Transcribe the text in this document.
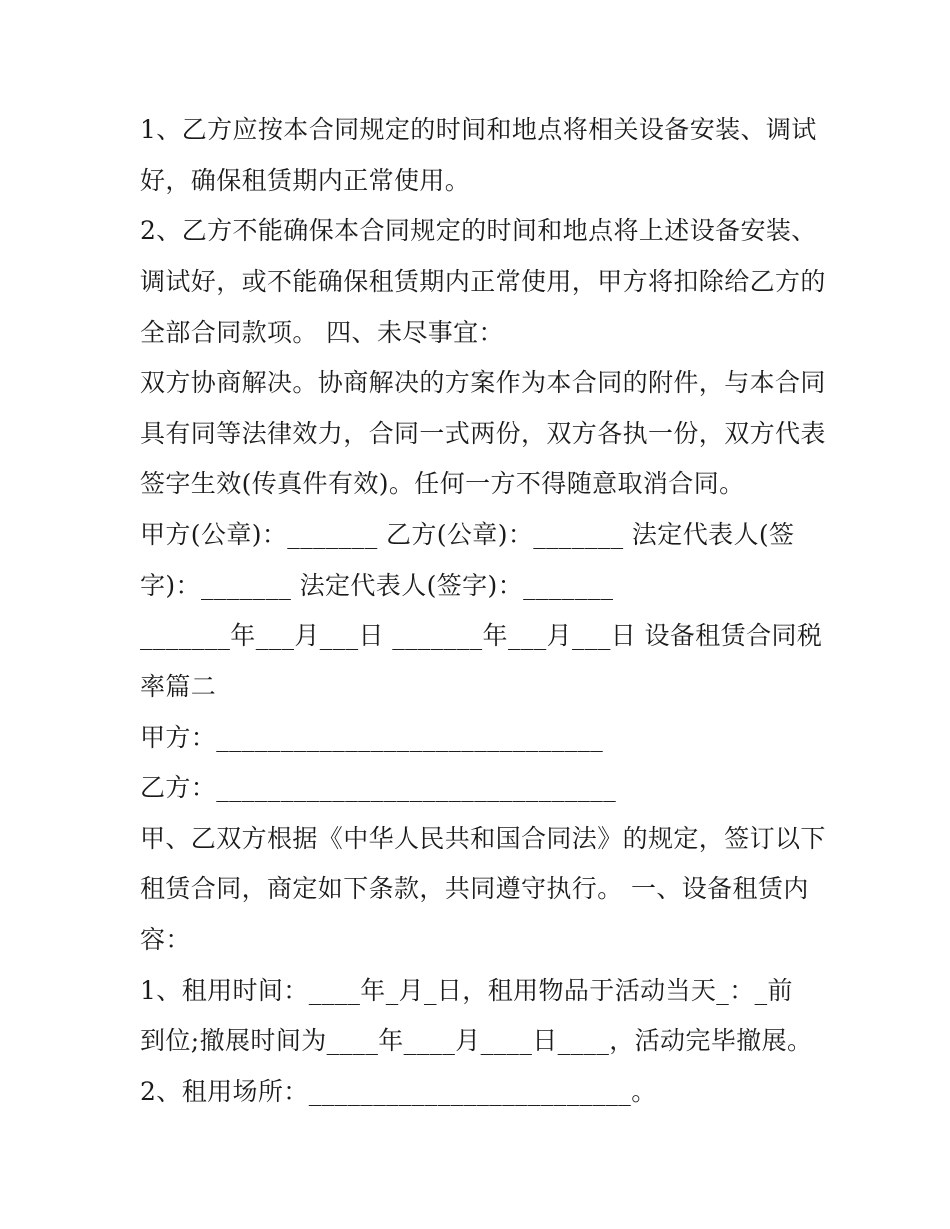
1、乙方应按本合同规定的时间和地点将相关设备安装、调试
好，确保租赁期内正常使用。
2、乙方不能确保本合同规定的时间和地点将上述设备安装、
调试好，或不能确保租赁期内正常使用，甲方将扣除给乙方的
全部合同款项。 四、未尽事宜：
双方协商解决。协商解决的方案作为本合同的附件，与本合同
具有同等法律效力，合同一式两份，双方各执一份，双方代表
签字生效(传真件有效)。任何一方不得随意取消合同。
甲方(公章)：_______ 乙方(公章)：_______ 法定代表人(签
字)：_______ 法定代表人(签字)：_______
_______年___月___日 _______年___月___日 设备租赁合同税
率篇二
甲方：______________________________
乙方：_______________________________
甲、乙双方根据《中华人民共和国合同法》的规定，签订以下
租赁合同，商定如下条款，共同遵守执行。 一、设备租赁内
容：
1、租用时间：____年_月_日，租用物品于活动当天_：_前
到位;撤展时间为____年____月____日____，活动完毕撤展。
2、租用场所：_________________________。
